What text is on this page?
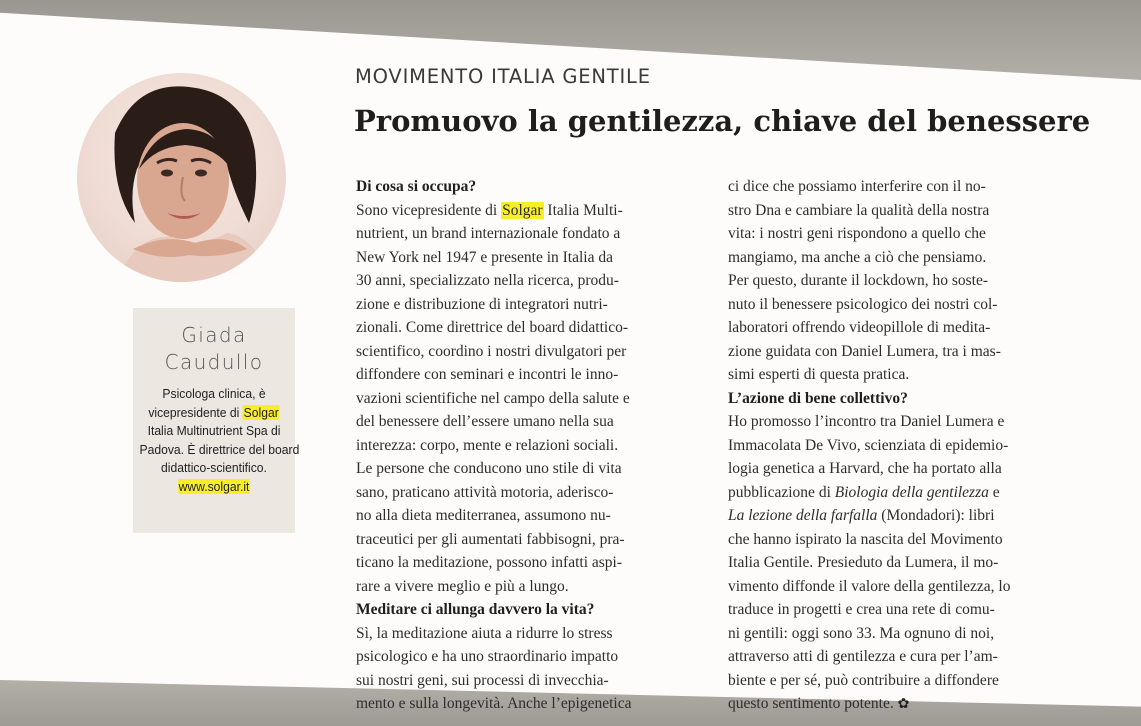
Giada
Caudullo
Psicologa clinica, è
vicepresidente di Solgar
Italia Multinutrient Spa di
Padova. È direttrice del board
didattico-scientifico.
www.solgar.it
MOVIMENTO ITALIA GENTILE
Promuovo la gentilezza, chiave del benessere
Di cosa si occupa?
Sono vicepresidente di Solgar Italia Multi-
nutrient, un brand internazionale fondato a
New York nel 1947 e presente in Italia da
30 anni, specializzato nella ricerca, produ-
zione e distribuzione di integratori nutri-
zionali. Come direttrice del board didattico-
scientifico, coordino i nostri divulgatori per
diffondere con seminari e incontri le inno-
vazioni scientifiche nel campo della salute e
del benessere dell’essere umano nella sua
interezza: corpo, mente e relazioni sociali.
Le persone che conducono uno stile di vita
sano, praticano attività motoria, aderisco-
no alla dieta mediterranea, assumono nu-
traceutici per gli aumentati fabbisogni, pra-
ticano la meditazione, possono infatti aspi-
rare a vivere meglio e più a lungo.
Meditare ci allunga davvero la vita?
Sì, la meditazione aiuta a ridurre lo stress
psicologico e ha uno straordinario impatto
sui nostri geni, sui processi di invecchia-
mento e sulla longevità. Anche l’epigenetica
ci dice che possiamo interferire con il no-
stro Dna e cambiare la qualità della nostra
vita: i nostri geni rispondono a quello che
mangiamo, ma anche a ciò che pensiamo.
Per questo, durante il lockdown, ho soste-
nuto il benessere psicologico dei nostri col-
laboratori offrendo videopillole di medita-
zione guidata con Daniel Lumera, tra i mas-
simi esperti di questa pratica.
L’azione di bene collettivo?
Ho promosso l’incontro tra Daniel Lumera e
Immacolata De Vivo, scienziata di epidemio-
logia genetica a Harvard, che ha portato alla
pubblicazione di Biologia della gentilezza e
La lezione della farfalla (Mondadori): libri
che hanno ispirato la nascita del Movimento
Italia Gentile. Presieduto da Lumera, il mo-
vimento diffonde il valore della gentilezza, lo
traduce in progetti e crea una rete di comu-
ni gentili: oggi sono 33. Ma ognuno di noi,
attraverso atti di gentilezza e cura per l’am-
biente e per sé, può contribuire a diffondere
questo sentimento potente. ✿
